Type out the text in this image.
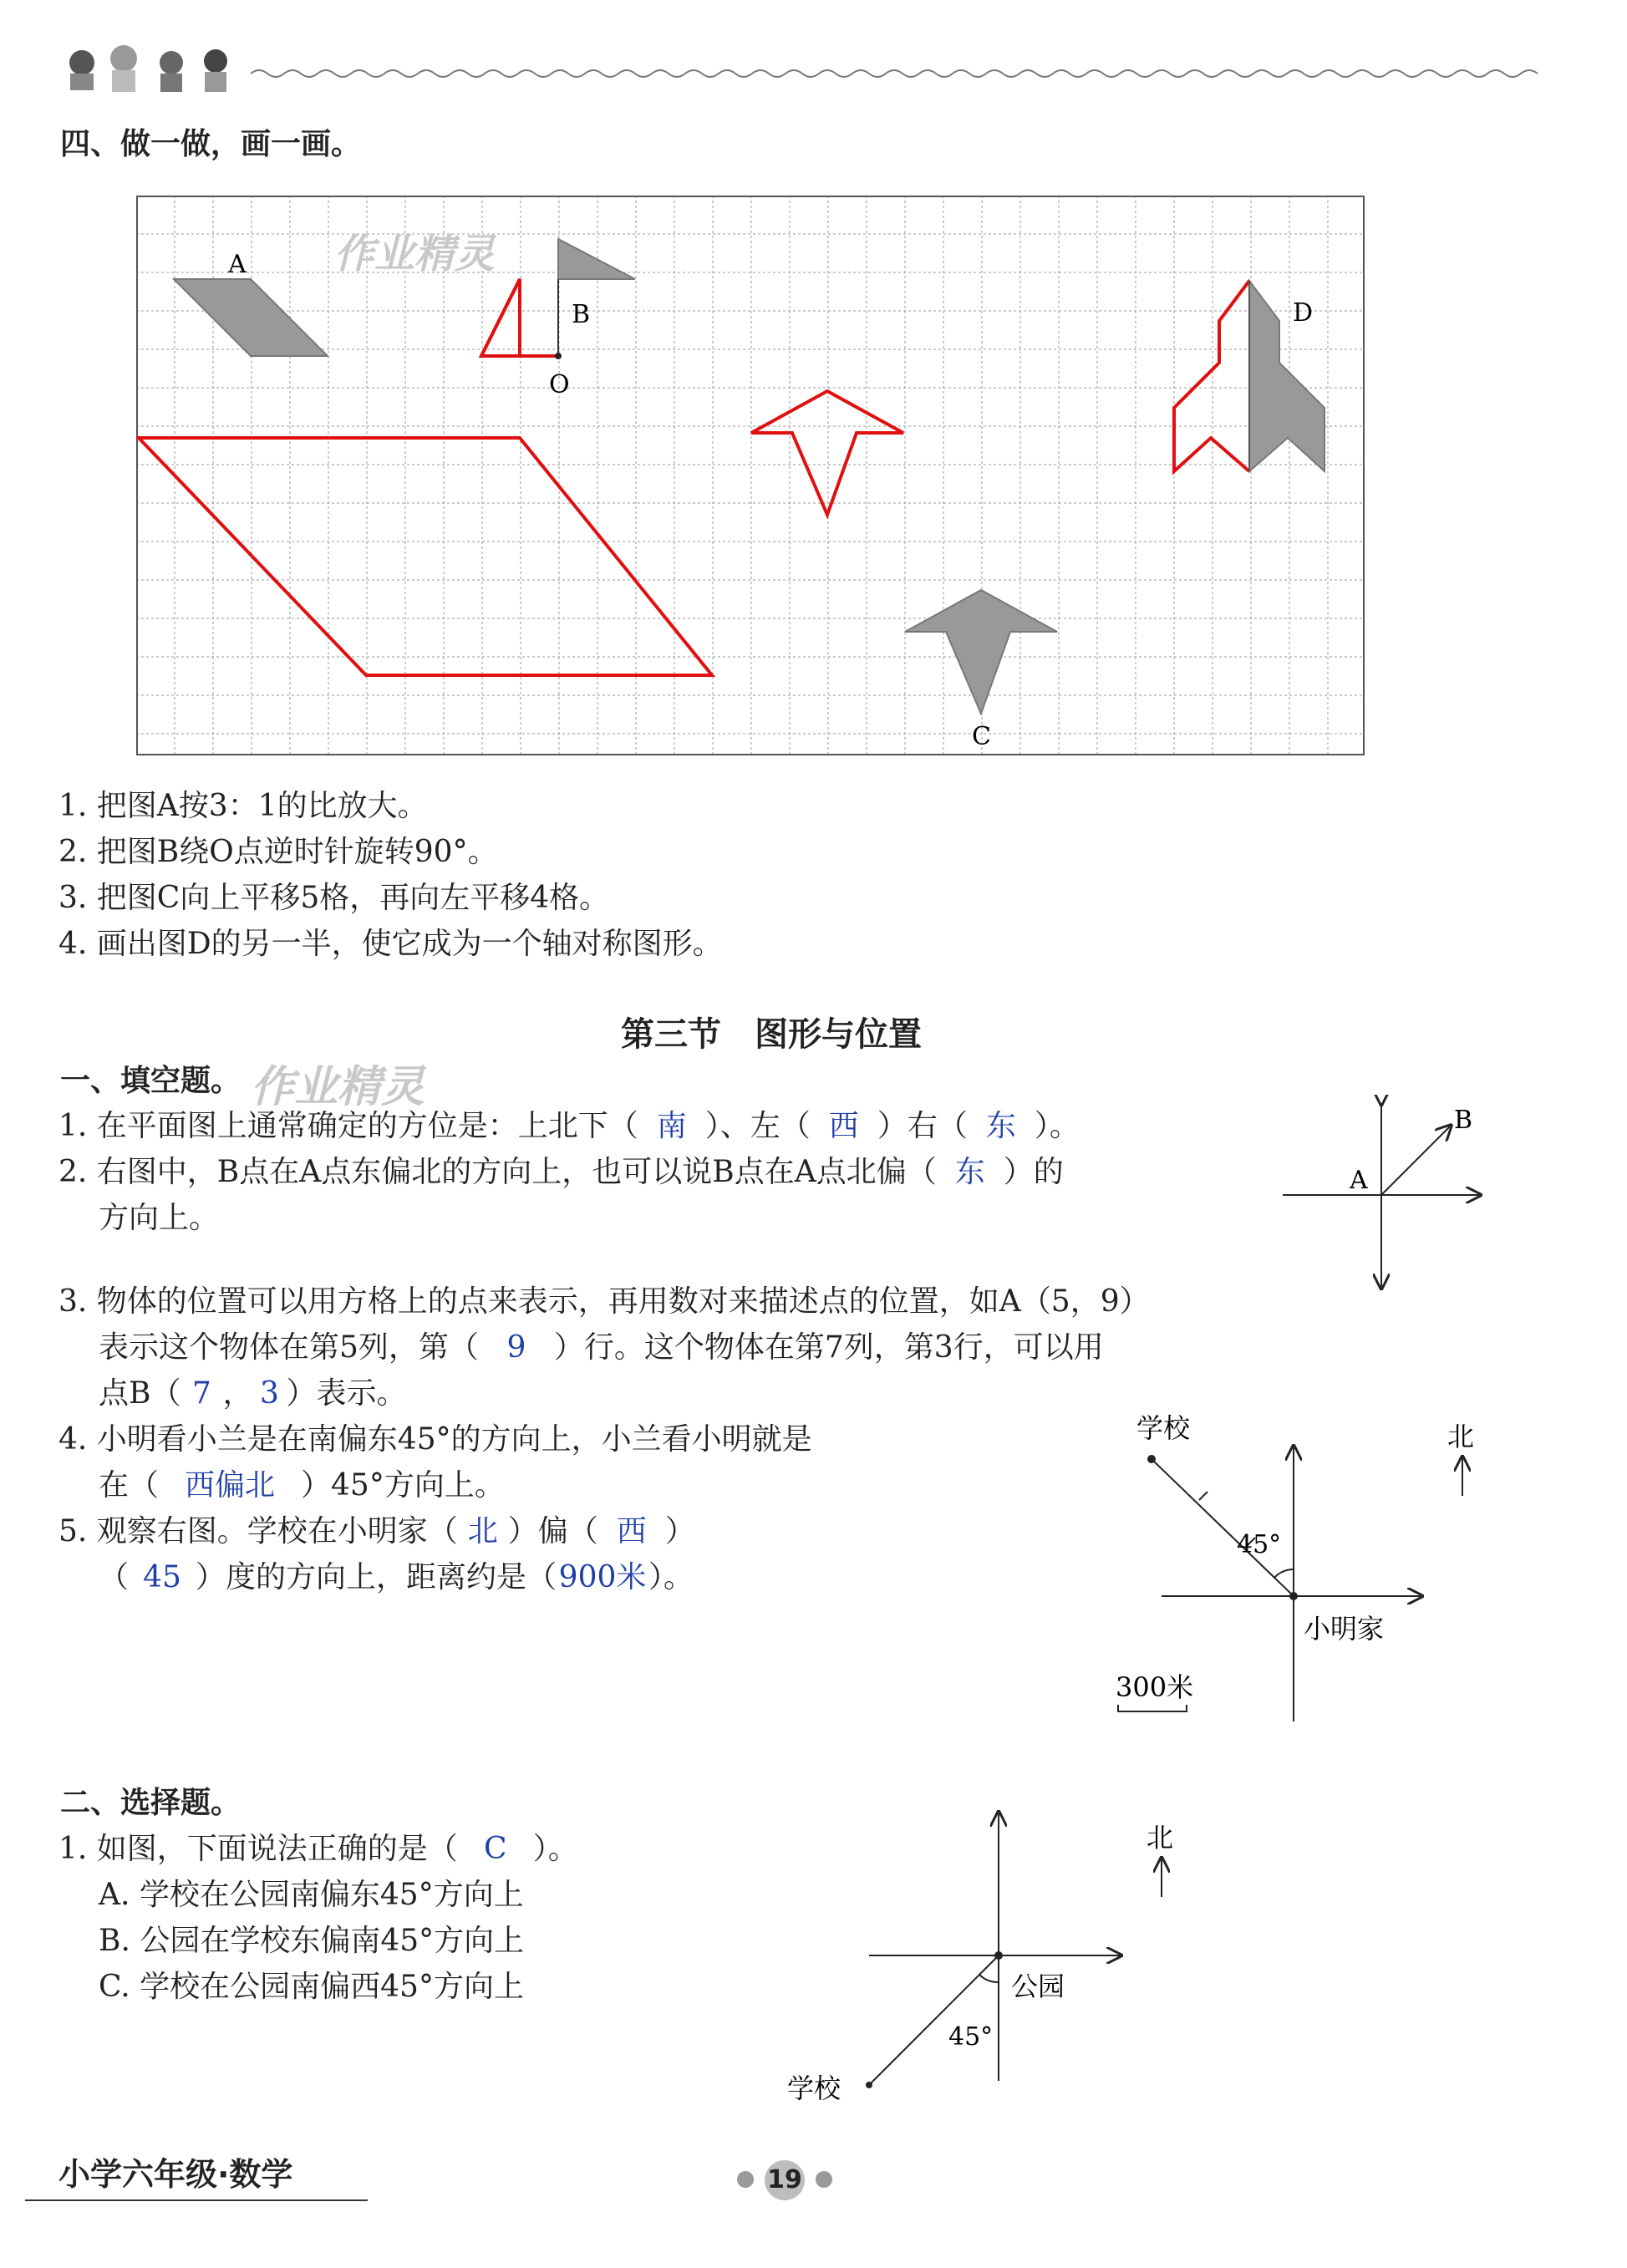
四、做一做，画一画。
A
B
O
C
D
作业精灵
1. 把图A按3：1的比放大。
2. 把图B绕O点逆时针旋转90°。
3. 把图C向上平移5格，再向左平移4格。
4. 画出图D的另一半，使它成为一个轴对称图形。
第三节　图形与位置
一、填空题。 作业精灵
1. 在平面图上通常确定的方位是：上北下（ 南 ）、左（ 西 ）右（ 东 ）。
2. 右图中，B点在A点东偏北的方向上，也可以说B点在A点北偏（ 东 ）的
方向上。
A
B
3. 物体的位置可以用方格上的点来表示，再用数对来描述点的位置，如A（5，9）
表示这个物体在第5列，第（ 9 ）行。这个物体在第7列，第3行，可以用
点B（ 7 ， 3 ）表示。
4. 小明看小兰是在南偏东45°的方向上，小兰看小明就是
在（ 西偏北 ）45°方向上。
5. 观察右图。学校在小明家（ 北 ）偏（ 西 ）
（ 45 ）度的方向上，距离约是（900米）。
学校	北
45°
小明家
300米
二、选择题。
1. 如图，下面说法正确的是（ C ）。
A. 学校在公园南偏东45°方向上
B. 公园在学校东偏南45°方向上
C. 学校在公园南偏西45°方向上
北
公园
45°
学校
小学六年级·数学	19
